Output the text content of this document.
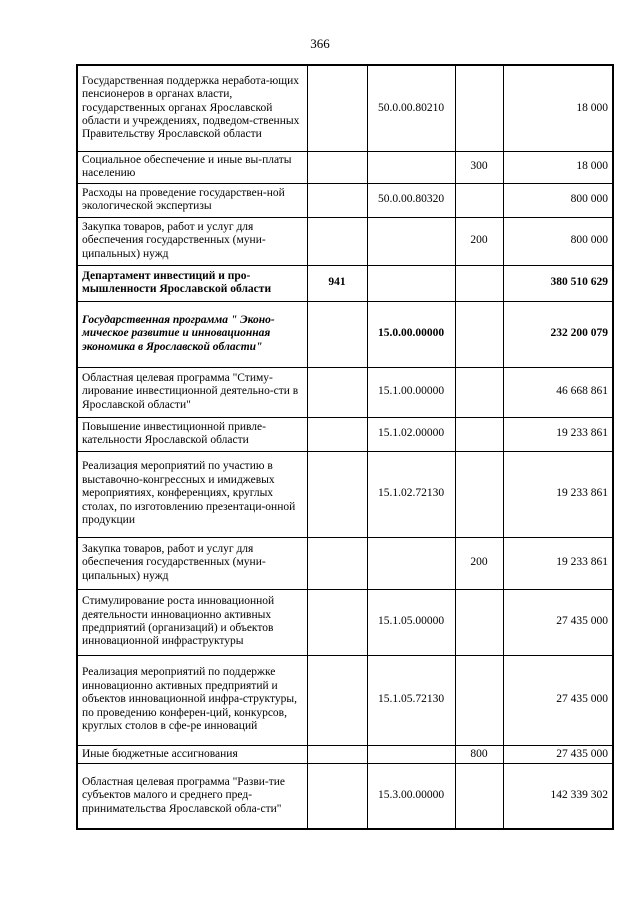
366
Государственная поддержка неработа-ющих пенсионеров в органах власти, государственных органах Ярославской области и учреждениях, подведом-ственных Правительству Ярославской области		50.0.00.80210		18 000
Социальное обеспечение и иные вы-платы населению			300	18 000
Расходы на проведение государствен-ной экологической экспертизы		50.0.00.80320		800 000
Закупка товаров, работ и услуг для обеспечения государственных (муни-ципальных) нужд			200	800 000
Департамент инвестиций и про-мышленности Ярославской области	941			380 510 629
Государственная программа " Эконо-мическое развитие и инновационная экономика в Ярославской области"		15.0.00.00000		232 200 079
Областная целевая программа "Стиму-лирование инвестиционной деятельно-сти в Ярославской области"		15.1.00.00000		46 668 861
Повышение инвестиционной привле-кательности Ярославской области		15.1.02.00000		19 233 861
Реализация мероприятий по участию в выставочно-конгрессных и имиджевых мероприятиях, конференциях, круглых столах, по изготовлению презентаци-онной продукции		15.1.02.72130		19 233 861
Закупка товаров, работ и услуг для обеспечения государственных (муни-ципальных) нужд			200	19 233 861
Стимулирование роста инновационной деятельности инновационно активных предприятий (организаций) и объектов инновационной инфраструктуры		15.1.05.00000		27 435 000
Реализация мероприятий по поддержке инновационно активных предприятий и объектов инновационной инфра-структуры, по проведению конферен-ций, конкурсов, круглых столов в сфе-ре инноваций		15.1.05.72130		27 435 000
Иные бюджетные ассигнования			800	27 435 000
Областная целевая программа "Разви-тие субъектов малого и среднего пред-принимательства Ярославской обла-сти"		15.3.00.00000		142 339 302
